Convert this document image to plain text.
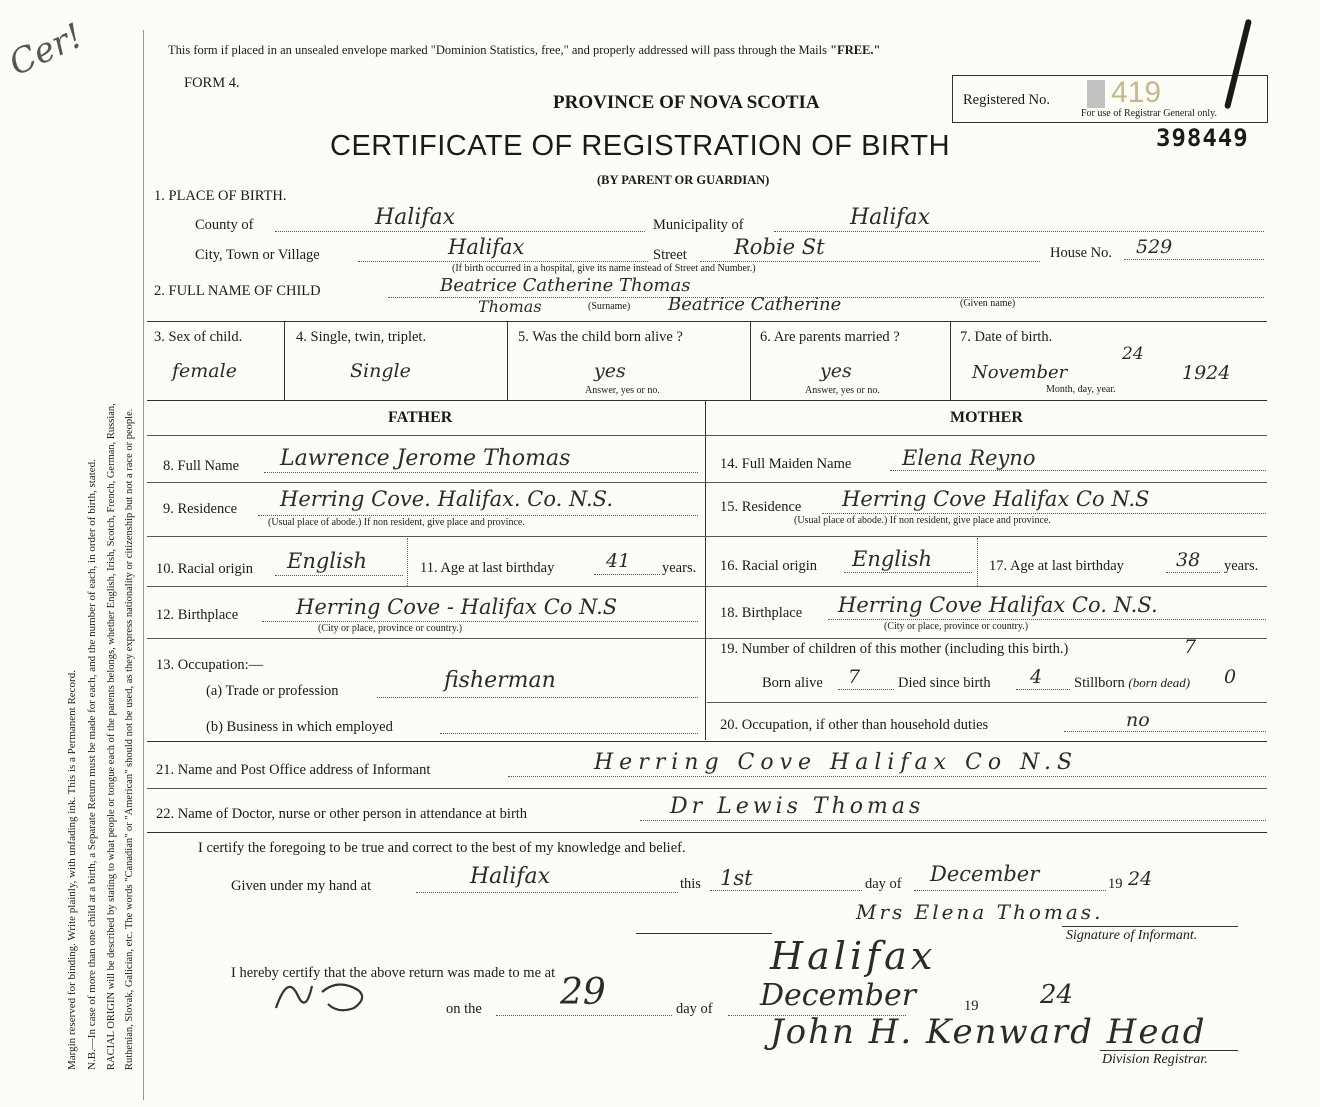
Margin reserved for binding. Write plainly, with unfading ink. This is a Permanent Record. N.B.—In case of more than one child at a birth, a Separate Return must be made for each, and the number of each, in order of birth, stated. RACIAL ORIGIN will be described by stating to what people or tongue each of the parents belongs, whether English, Irish, Scotch, French, German, Russian, Ruthenian, Slovak, Galician, etc. The words "Canadian" or "American" should not be used, as they express nationality or citizenship but not a race or people.
Cer!	This form if placed in an unsealed envelope marked "Dominion Statistics, free," and properly addressed will pass through the Mails "FREE."
FORM 4.
PROVINCE OF NOVA SCOTIA
CERTIFICATE OF REGISTRATION OF BIRTH
(BY PARENT OR GUARDIAN)
Registered No. 419
For use of Registrar General only.
398449
1. PLACE OF BIRTH.
County of	Halifax	Municipality of	Halifax
City, Town or Village	Halifax	Street Robie St	House No. 529
(If birth occurred in a hospital, give its name instead of Street and Number.)
2. FULL NAME OF CHILD	Beatrice Catherine Thomas
Thomas	(Surname) Beatrice Catherine	(Given name)
3. Sex of child.
female
4. Single, twin, triplet.
Single
5. Was the child born alive ?
yes
Answer, yes or no.
6. Are parents married ?
yes
Answer, yes or no.
7. Date of birth.
November
24
1924
Month, day, year.
FATHER	MOTHER
8. Full Name Lawrence Jerome Thomas
9. Residence Herring Cove. Halifax. Co. N.S.
(Usual place of abode.) If non resident, give place and province.
10. Racial origin English	11. Age at last birthday	41 years.
12. Birthplace	Herring Cove - Halifax Co N.S
(City or place, province or country.)
13. Occupation:—
(a) Trade or profession	fisherman
(b) Business in which employed
14. Full Maiden Name Elena Reyno
15. Residence Herring Cove Halifax Co N.S
(Usual place of abode.) If non resident, give place and province.
16. Racial origin English	17. Age at last birthday	38 years.
18. Birthplace Herring Cove Halifax Co. N.S.
(City or place, province or country.)
19. Number of children of this mother (including this birth.)	7
Born alive 7	Died since birth 4 Stillborn (born dead) 0
20. Occupation, if other than household duties	no
21. Name and Post Office address of Informant	Herring Cove Halifax Co N.S
22. Name of Doctor, nurse or other person in attendance at birth	Dr Lewis Thomas
I certify the foregoing to be true and correct to the best of my knowledge and belief.
Given under my hand at	Halifax	this 1st	day of December	19 24
Mrs Elena Thomas.
Signature of Informant.
I hereby certify that the above return was made to me at	Halifax
on the 29	day of December	19 24
John H. Kenward Head
Division Registrar.
